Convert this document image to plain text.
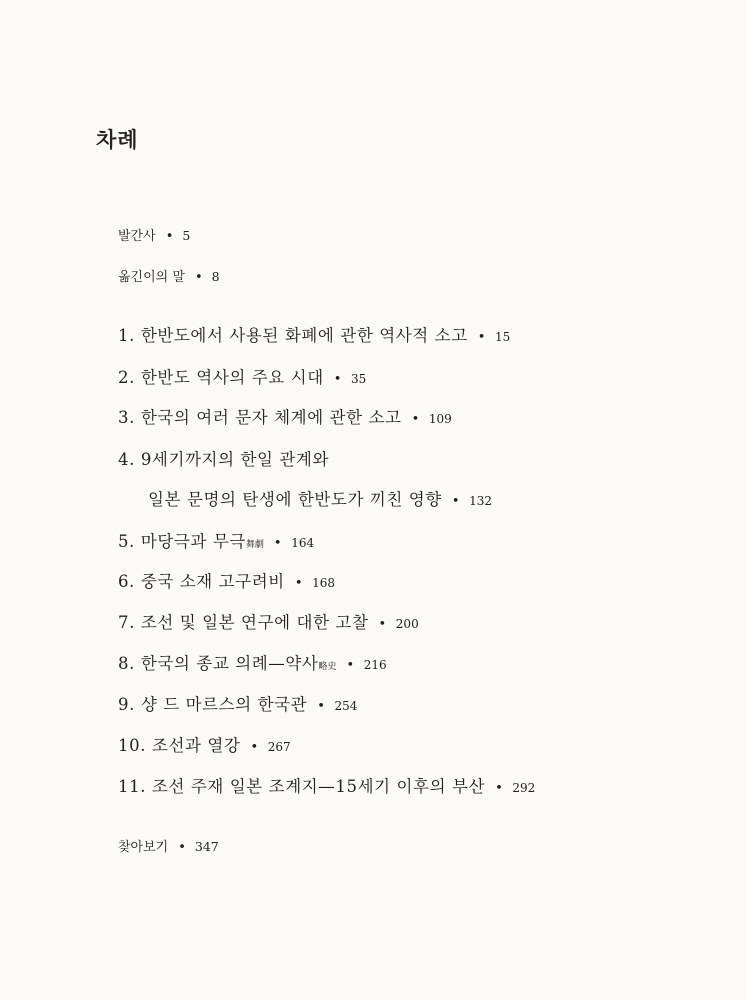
차례
발간사 • 5
옮긴이의 말 • 8
1. 한반도에서 사용된 화폐에 관한 역사적 소고 • 15
2. 한반도 역사의 주요 시대 • 35
3. 한국의 여러 문자 체계에 관한 소고 • 109
4. 9세기까지의 한일 관계와
일본 문명의 탄생에 한반도가 끼친 영향 • 132
5. 마당극과 무극舞劇 • 164
6. 중국 소재 고구려비 • 168
7. 조선 및 일본 연구에 대한 고찰 • 200
8. 한국의 종교 의례—약사略史 • 216
9. 샹 드 마르스의 한국관 • 254
10. 조선과 열강 • 267
11. 조선 주재 일본 조계지—15세기 이후의 부산 • 292
찾아보기 • 347
